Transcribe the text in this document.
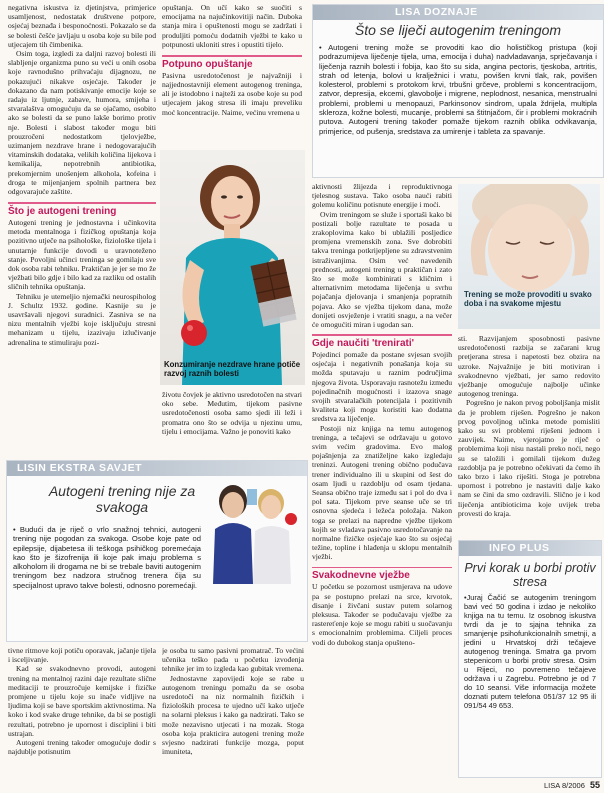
negativna iskustva iz djetinjstva, primjerice usamljenost, nedostatak društvene potpore, osjećaj beznađa i besponoćnosti. Pokazalo se da se bolesti češće javljaju u osoba koje su bile pod utjecajem tih čimbenika.

Osim toga, izgledi za daljni razvoj bolesti ili slabljenje organizma puno su veći u onih osoba koje ravnodušno prihvaćaju dijagnozu, ne pokazujući nikakve osjećaje. Također je dokazano da nam potiskivanje emocije koje se radaju iz ljutnje, zabave, humora, smijeha i stvaralaštva omogućuju da se ojačamo, osobito ako se bolesti da se puno lakše borimo protiv nje. Bolesti i slabost također mogu biti prouzročeni nedostatkom tjelovježbe, uzimanjem nezdrave hrane i nedogovarajućih vitaminskih dodataka, velikih količina lijekova i kemikalija, nepotrebnih antibiotika, prekomjernim unošenjem alkohola, kofeina i droga te mijenjanjem spolnih partnera bez odgovarajuće zaštite.

Što je autogeni trening

Autogeni trening je jednostavna i učinkovita metoda mentalnoga i fizičkog opuštanja koja pozitivno utječe na psihološke, fiziološke tijela i unutarnje funkcije dovodi u uravnoteženo stanje. Povoljni učinci treninga se gomilaju sve dok osoba rabi tehniku. Praktičan je jer se mo že vježbati bilo gdje i bilo kad za razliku od ostalih sličnih tehnika opuštanja.

Tehniku je utemeljio njemački neurospiholog J. Schultz 1932. godine. Kasnije su je usavršavali njegovi suradnici. Zasniva se na nizu mentalnih vježbi koje isključuju stresni mehanizam u tijelu, izazivaju izlučivanje adrenalina te stimuliraju pozi-

opuštanja. On učí kako se suočiti s emocijama na najučinkovitiji način. Duboka stanja mira i opuštenosti mogu se zadržati i produljiti pomoću dodatnih vježbi te kako u potpunosti ukloniti stres i opustiti tijelo.

Potpuno opuštanje

Pasivna usredotočenost je najvažniji i najjednostavniji element autogenog treninga, ali je istodobno i najteži za osobe koje su pod utjecajem jakog stresa ili imaju preveliku moć koncentracije. Naime, većinu vremena u

Konzumiranje nezdrave hrane potiče razvoj raznih bolesti

životu čovjek je aktivno usredotočen na stvari oko sebe. Međutim, tijekom pasivne usredotočenosti osoba samo sjedi ili leži i promatra ono što se odvija u njezinu umu, tijelu i emocijama. Važno je ponoviti kako

LISA DOZNAJE
Što se liječi autogenim treningom
• Autogeni trening može se provoditi kao dio holističkog pristupa (koji podrazumijeva liječenje tijela, uma, emocija i duha) nadvladavanja, sprječavanja i liječenja raznih bolesti i fobija, kao što su sida, angina pectoris, tjeskoba, artritis, strah od letenja, bolovi u kralježnici i vratu, povišen krvni tlak, rak, povišen kolesterol, problemi s protokom krvi, trbušni grčeve, problemi s koncentracijom, zatvor, depresija, ekcemi, glavobolje i migrene, neplodnost, nesanica, menstrualni problemi, problemi u menopauzi, Parkinsonov sindrom, upala ždrijela, multipla skleroza, kožne bolesti, mucanje, problemi sa štitnjačom, čir i problemi mokraćnih putova. Autogeni trening također pomaže tijekom raznih oblika odvikavanja, primjerice, od pušenja, sredstava za umirenje i tableta za spavanje.

aktivnosti žlijezda i reproduktivnoga tjelesnog sustava. Tako osoba naući rabiti golemu količinu potisnute energije i moći.

Ovim treningom se služe i sportaši kako bi postizali bolje razultate te posada u zrakoplovima kako bi ublažili posljedice promjena vremenskih zona. Sve dobrobiti takva treninga potkrijepljene su zdravstvenim istraživanjima. Osim već navedenih prednosti, autogeni trening u praktičan i zato što se može kombinirati s kličnim i alternativnim metodama liječenja u svrhu pojačanja djelovanja i smanjenja popratnih pojava. Ako se vježba tijekom dana, može donijeti osvježenje i vratiti snagu, a na večer će omogućiti miran i ugodan san.

Gdje naučiti 'trenirati'

Pojedinci pomaže da postane svjesan svojih osjećaja i negativnih ponašanja koja su možda sputavaju u raznim područjima njegova života. Usporavaju rasnotežu između pojedinačnih mogućnosti i izazova snage svojih stvaralačkih potencijala i pozitivnih kvaliteta koji mogu koristiti kao dodatna sredstva za liječenje.

Postoji niz knjiga na temu autogenog treninga, a tečajevi se održavaju u gotovo svim većim gradovima. Evo malog pojašnjenja za znatiželjne kako izgledaju treninzi. Autogeni trening obično podučava trener individualno ili u skupini od šest do osam ljudi u razdoblju od osam tjedana. Seansa obično traje između sat i pol do dva i pol sata. Tijekom prve seanse uče se tri osnovna sjedeća i ležeća položaja. Nakon toga se prelazi na napredne vježbe tijekom kojih se svladava pasivno usredotočavanje na normalne fizičke osjećaje kao što su osjećaj težine, topline i hlađenja u sklopu mentalnih vježbi.

Svakodnevne vježbe

U početku se pozornost usmjerava na udove pa se postupno prelazi na srce, krvotok, disanje i živčani sustav putem solarnog pleksusa. Također se podučavaju vježbe za rastereťenje koje se mogu rabiti u suočavanju s emocionalnim problemima. Ciljeli proces vodi do dubokog stanja opušteno-

Trening se može provoditi u svako doba i na svakome mjestu

sti. Razvijanjem sposobnosti pasivne usredotočenosti razbija se začarani krug pretjerana stresa i napetosti bez obzira na uzroke. Najvažnije je biti motiviran i svakodnevno vježbati, jer samo redovito vježbanje omogućuje najbolje učinke autogenog treninga.

Pogrešno je nakon prvog poboljšanja mislit da je problem riješen. Pogrešno je nakon prvog povoljnog učinka metode pomisliti kako su svi problemi riješeni jednom i zauvijek. Naime, vjerojatno je riječ o problemima koji nisu nastali preko noći, nego su se taložili i gomilali tijekom dužeg razdoblja pa je potrebno očekivati da ćemo ih tako brzo i lako riješiti. Stoga je potrebna upornost i potrebno je nastaviti dalje kako nam se čini da smo ozdravili. Slično je i kod liječenja antibioticima koje uvijek treba provesti do kraja.

LISIN EKSTRA SAVJET
Autogeni trening nije za svakoga
• Budući da je riječ o vrlo snažnoj tehnici, autogeni trening nije pogodan za svakoga. Osobe koje pate od epilepsije, dijabetesa ili teškoga psihičkog poremećaja kao što je šizofrenija ili koje pak imaju problema s alkoholom ili drogama ne bi se trebale baviti autogenim treningom bez nadzora stručnog trenera čija su specijalnost upravo takve bolesti, odnosno poremećaji.

tivne ritmove koji potiču oporavak, jačanje tijela i isceljivanje.

Kad se svakodnevno provodi, autogeni trening na mentalnoj razini daje rezultate slične meditaciji te prouzročuje kemijske i fizičke promjene u tijelu koje su inače vidljive na ljudima koji se bave sportskim aktivnostima. Na koko i kod svake druge tehnike, da bi se postigli rezultati, potrebno je upornost i disciplini i biti ustrajan.

Autogeni trening također omogućuje dodir s najdublje potisnutim

je osoba tu samo pasivni promatrač. To većini učenika teško pada u početku izvođenja tehnike jer im to izgleda kao gubitak vremena.

Jednostavne zapovijedi koje se rabe u autogenom treningu pomažu da se osoba usredotoči na niz normalnih fizičkih i fizioloških procesa te ujedno učí kako utječe na solarni pleksus i kako ga nadzirati. Tako se može nezavisno utjecati i na mozak. Stoga osoba koja prakticira autogeni trening može svjesno nadzirati funkcije mozga, poput imuniteta,

INFO PLUS
Prvi korak u borbi protiv stresa
•Juraj Čačić se autogenim treningom bavi već 50 godina i izdao je nekoliko knjiga na tu temu. Iz osobnog iskustva tvrdi da je to sjajna tehnika za smanjenje psihofunkcionalnih smetnji, a jedini u Hrvatskoj drži tečajeve autogenog treninga. Smatra ga prvom stepenicom u borbi protiv stresa. Osim u Rijeci, no povremeno tečajeve održava i u Zagrebu. Potrebno je od 7 do 10 seansi. Više informacija možete doznati putem telefona 051/37 12 95 ili 091/54 49 653.
LISA 8/2006 55
